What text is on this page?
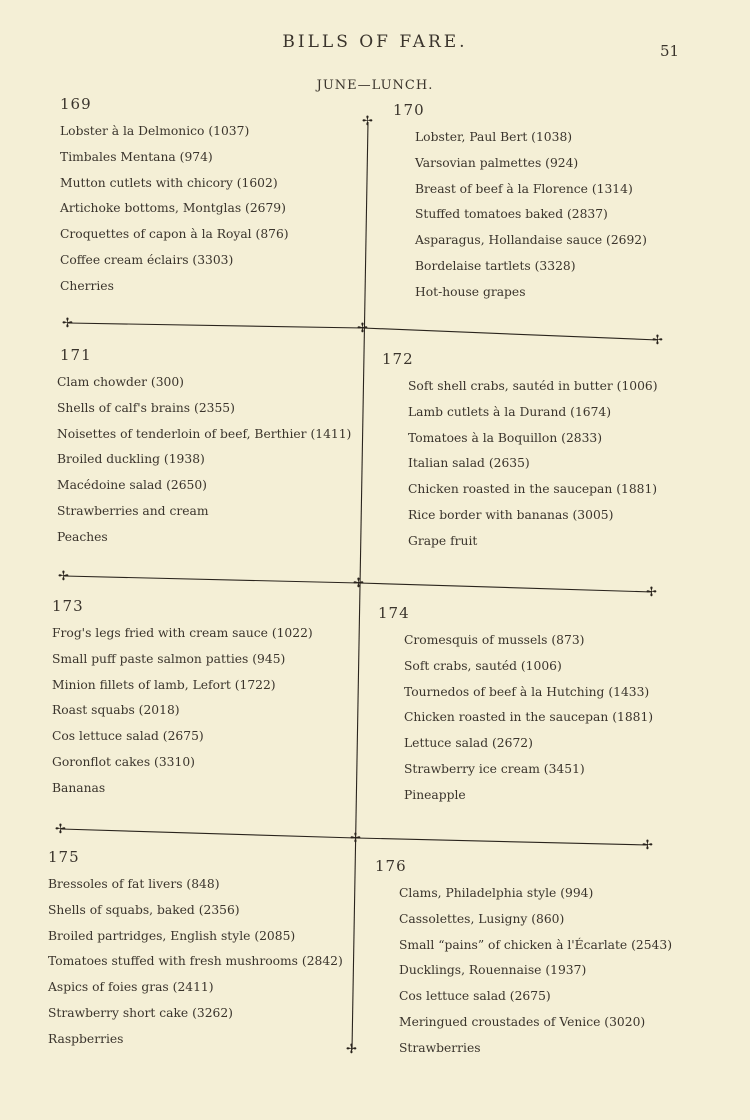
BILLS OF FARE.	51
JUNE—LUNCH.
✢
✢	✢
✢
✢	✢
✢
✢
✢	✢
✢
169
Lobster à la Delmonico (1037)
Timbales Mentana (974)
Mutton cutlets with chicory (1602)
Artichoke bottoms, Montglas (2679)
Croquettes of capon à la Royal (876)
Coffee cream éclairs (3303)
Cherries
170
Lobster, Paul Bert (1038)
Varsovian palmettes (924)
Breast of beef à la Florence (1314)
Stuffed tomatoes baked (2837)
Asparagus, Hollandaise sauce (2692)
Bordelaise tartlets (3328)
Hot-house grapes
171
Clam chowder (300)
Shells of calf's brains (2355)
Noisettes of tenderloin of beef, Berthier (1411)
Broiled duckling (1938)
Macédoine salad (2650)
Strawberries and cream
Peaches
172
Soft shell crabs, sautéd in butter (1006)
Lamb cutlets à la Durand (1674)
Tomatoes à la Boquillon (2833)
Italian salad (2635)
Chicken roasted in the saucepan (1881)
Rice border with bananas (3005)
Grape fruit
173
Frog's legs fried with cream sauce (1022)
Small puff paste salmon patties (945)
Minion fillets of lamb, Lefort (1722)
Roast squabs (2018)
Cos lettuce salad (2675)
Goronflot cakes (3310)
Bananas
174
Cromesquis of mussels (873)
Soft crabs, sautéd (1006)
Tournedos of beef à la Hutching (1433)
Chicken roasted in the saucepan (1881)
Lettuce salad (2672)
Strawberry ice cream (3451)
Pineapple
175
Bressoles of fat livers (848)
Shells of squabs, baked (2356)
Broiled partridges, English style (2085)
Tomatoes stuffed with fresh mushrooms (2842)
Aspics of foies gras (2411)
Strawberry short cake (3262)
Raspberries
176
Clams, Philadelphia style (994)
Cassolettes, Lusigny (860)
Small “pains” of chicken à l'Écarlate (2543)
Ducklings, Rouennaise (1937)
Cos lettuce salad (2675)
Meringued croustades of Venice (3020)
Strawberries
